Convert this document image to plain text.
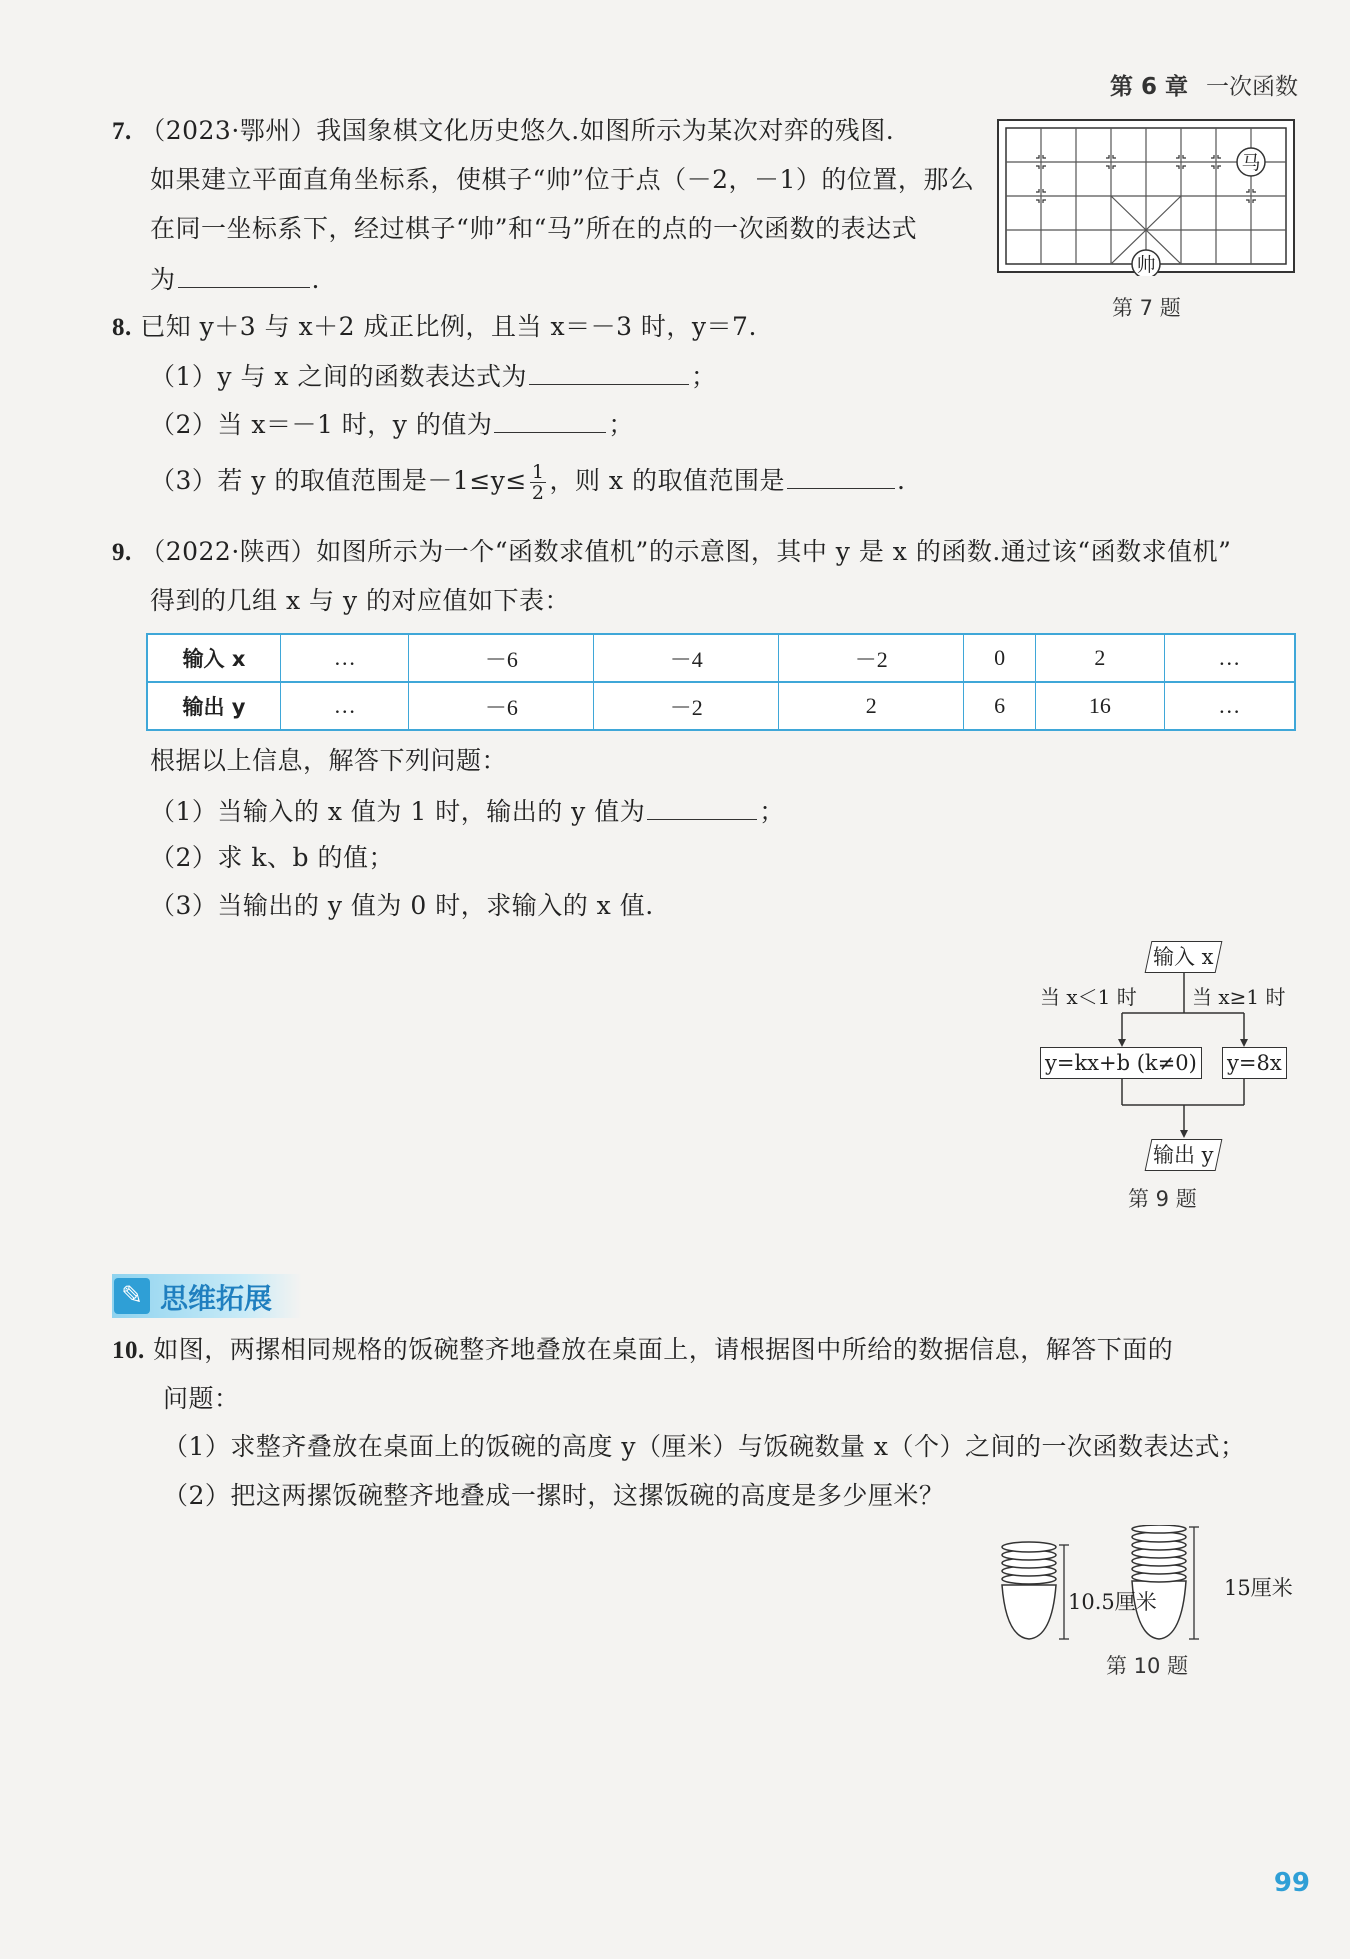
第 6 章 一次函数
7. （2023·鄂州）我国象棋文化历史悠久.如图所示为某次对弈的残图.
如果建立平面直角坐标系，使棋子“帅”位于点（－2，－1）的位置，那么
在同一坐标系下，经过棋子“帅”和“马”所在的点的一次函数的表达式
为	.
马
帅
第 7 题
8. 已知 y＋3 与 x＋2 成正比例，且当 x＝－3 时，y＝7.
（1）y 与 x 之间的函数表达式为	；
（2）当 x＝－1 时，y 的值为	；
（3）若 y 的取值范围是$-1\le y\le \frac{1}{2}$ ，则 x 的取值范围是	.
9. （2022·陕西）如图所示为一个“函数求值机”的示意图，其中 y 是 x 的函数.通过该“函数求值机”
得到的几组 x 与 y 的对应值如下表：
输入 x	…	－6	－4	－2	0	2	…
输出 y	…	－6	－2	2	6	16	…
根据以上信息，解答下列问题：
（1）当输入的 x 值为 1 时，输出的 y 值为	；
（2）求 k、b 的值；
（3）当输出的 y 值为 0 时，求输入的 x 值.
输入 x
当 x＜1 时	当 x≥1 时
y=kx+b (k≠0) y=8x
输出 y
第 9 题
✎ 思维拓展
10. 如图，两摞相同规格的饭碗整齐地叠放在桌面上，请根据图中所给的数据信息，解答下面的
问题：
（1）求整齐叠放在桌面上的饭碗的高度 y（厘米）与饭碗数量 x（个）之间的一次函数表达式；
（2）把这两摞饭碗整齐地叠成一摞时，这摞饭碗的高度是多少厘米？
10.5厘米
15厘米
第 10 题
99
